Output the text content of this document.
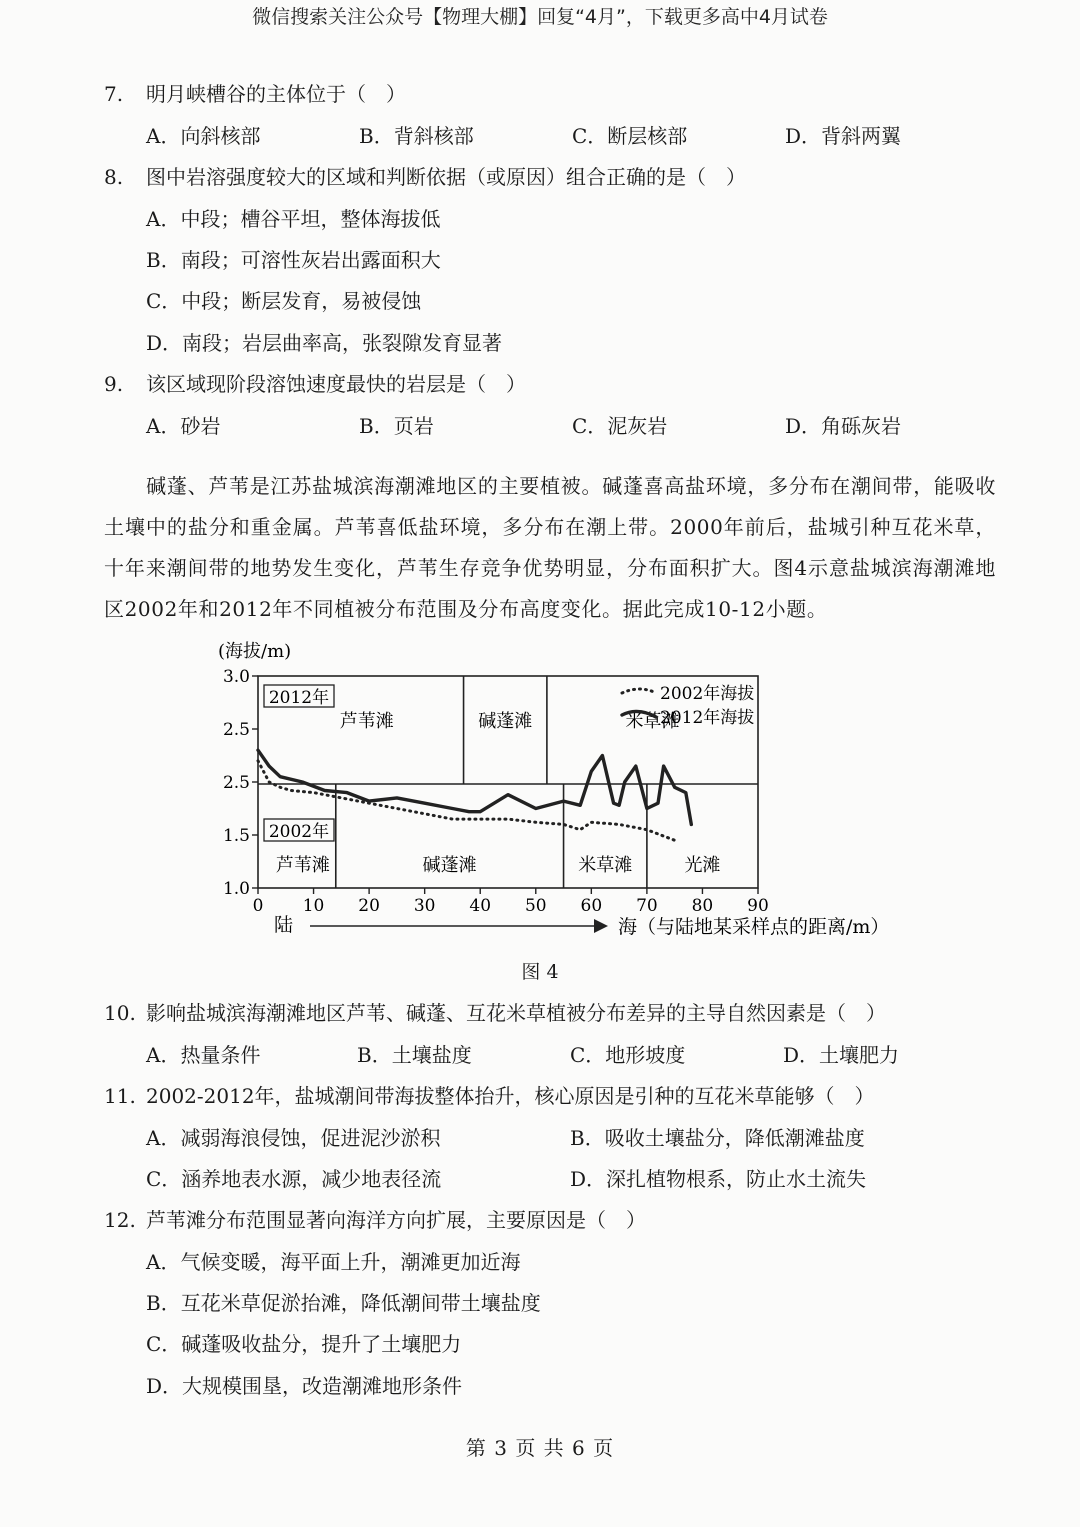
微信搜索关注公众号【物理大棚】回复“4月”，下载更多高中4月试卷
7. 明月峡槽谷的主体位于（　）
A．向斜核部	B．背斜核部	C．断层核部	D．背斜两翼
8. 图中岩溶强度较大的区域和判断依据（或原因）组合正确的是（　）
A．中段；槽谷平坦，整体海拔低
B．南段；可溶性灰岩出露面积大
C．中段；断层发育，易被侵蚀
D．南段；岩层曲率高，张裂隙发育显著
9. 该区域现阶段溶蚀速度最快的岩层是（　）
A．砂岩	B．页岩	C．泥灰岩	D．角砾灰岩
碱蓬、芦苇是江苏盐城滨海潮滩地区的主要植被。碱蓬喜高盐环境，多分布在潮间带，能吸收土壤中的盐分和重金属。芦苇喜低盐环境，多分布在潮上带。2000年前后，盐城引种互花米草，十年来潮间带的地势发生变化，芦苇生存竞争优势明显，分布面积扩大。图4示意盐城滨海潮滩地区2002年和2012年不同植被分布范围及分布高度变化。据此完成10-12小题。
(海拔/m)
芦苇滩	碱蓬滩	米草滩
2012年
芦苇滩	碱蓬滩	米草滩	光滩
2002年
3.0
2.5
2.5
1.5
1.0
0 10 20 30 40 50 60 70 80 90
2002年海拔
2012年海拔
陆	海（与陆地某采样点的距离/m）
图 4
10. 影响盐城滨海潮滩地区芦苇、碱蓬、互花米草植被分布差异的主导自然因素是（　）
A．热量条件	B．土壤盐度	C．地形坡度	D．土壤肥力
11. 2002-2012年，盐城潮间带海拔整体抬升，核心原因是引种的互花米草能够（　）
A．减弱海浪侵蚀，促进泥沙淤积	B．吸收土壤盐分，降低潮滩盐度
C．涵养地表水源，减少地表径流	D．深扎植物根系，防止水土流失
12. 芦苇滩分布范围显著向海洋方向扩展，主要原因是（　）
A．气候变暖，海平面上升，潮滩更加近海
B．互花米草促淤抬滩，降低潮间带土壤盐度
C．碱蓬吸收盐分，提升了土壤肥力
D．大规模围垦，改造潮滩地形条件
第 3 页 共 6 页
